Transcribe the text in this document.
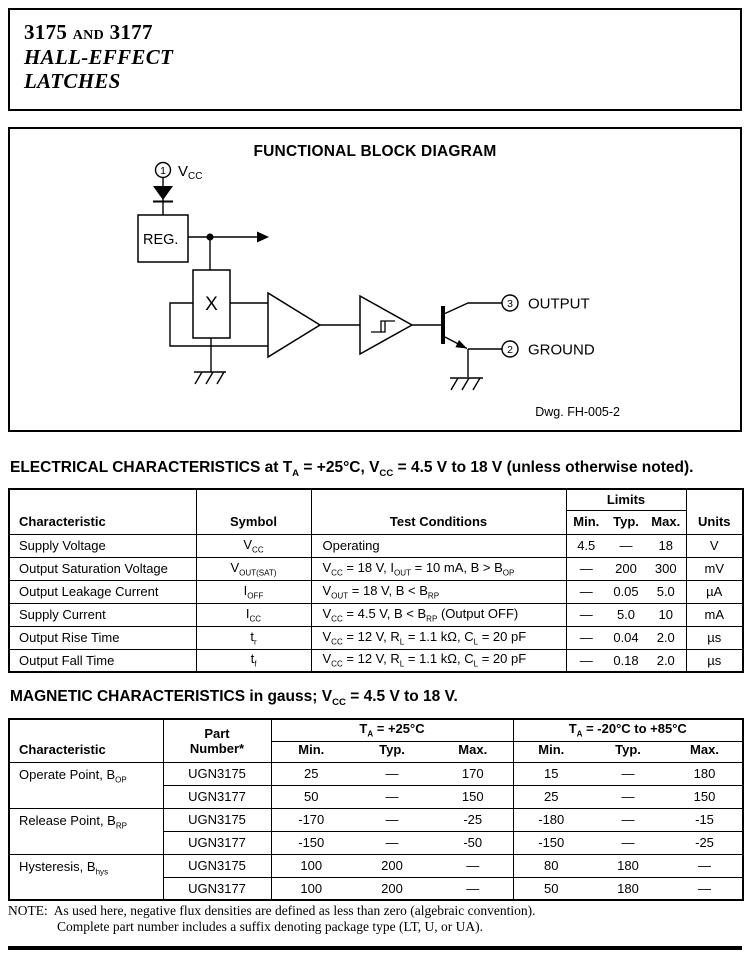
3175 AND 3177
HALL-EFFECT
LATCHES
FUNCTIONAL BLOCK DIAGRAM
1 $V_{CC}$
REG.
X	3 OUTPUT
2 GROUND
Dwg. FH-005-2
ELECTRICAL CHARACTERISTICS at $T_A = +25^\circ C$, $V_{CC} = 4.5$ V to 18 V (unless otherwise noted).
Characteristic	Symbol	Test Conditions	Limits			Units
			Min.	Typ.	Max.	
Supply Voltage	$V_{CC}$	Operating	4.5	—	18	V
Output Saturation Voltage	$V_{OUT(SAT)}$	$V_{CC} = 18$ V, $I_{OUT} = 10$ mA, $B > B_{OP}$	—	200	300	mV
Output Leakage Current	$I_{OFF}$	$V_{OUT} = 18$ V, $B < B_{RP}$	—	0.05	5.0	µA
Supply Current	$I_{CC}$	$V_{CC} = 4.5$ V, $B < B_{RP}$ (Output OFF)	—	5.0	10	mA
Output Rise Time	$t_r$	$V_{CC} = 12$ V, $R_L = 1.1$ kΩ, $C_L = 20$ pF	—	0.04	2.0	µs
Output Fall Time	$t_f$	$V_{CC} = 12$ V, $R_L = 1.1$ kΩ, $C_L = 20$ pF	—	0.18	2.0	µs
MAGNETIC CHARACTERISTICS in gauss; $V_{CC} = 4.5$ V to 18 V.
Characteristic	Part
Number*	$T_A = +25^\circ C$			$T_A = -20^\circ C$ to +85°C		
		Min.	Typ.	Max.	Min.	Typ.	Max.
Operate Point, $B_{OP}$	UGN3175	25	—	170	15	—	180
	UGN3177	50	—	150	25	—	150
Release Point, $B_{RP}$	UGN3175	-170	—	-25	-180	—	-15
	UGN3177	-150	—	-50	-150	—	-25
Hysteresis, $B_{hys}$	UGN3175	100	200	—	80	180	—
	UGN3177	100	200	—	50	180	—
NOTE: As used here, negative flux densities are defined as less than zero (algebraic convention).
Complete part number includes a suffix denoting package type (LT, U, or UA).
